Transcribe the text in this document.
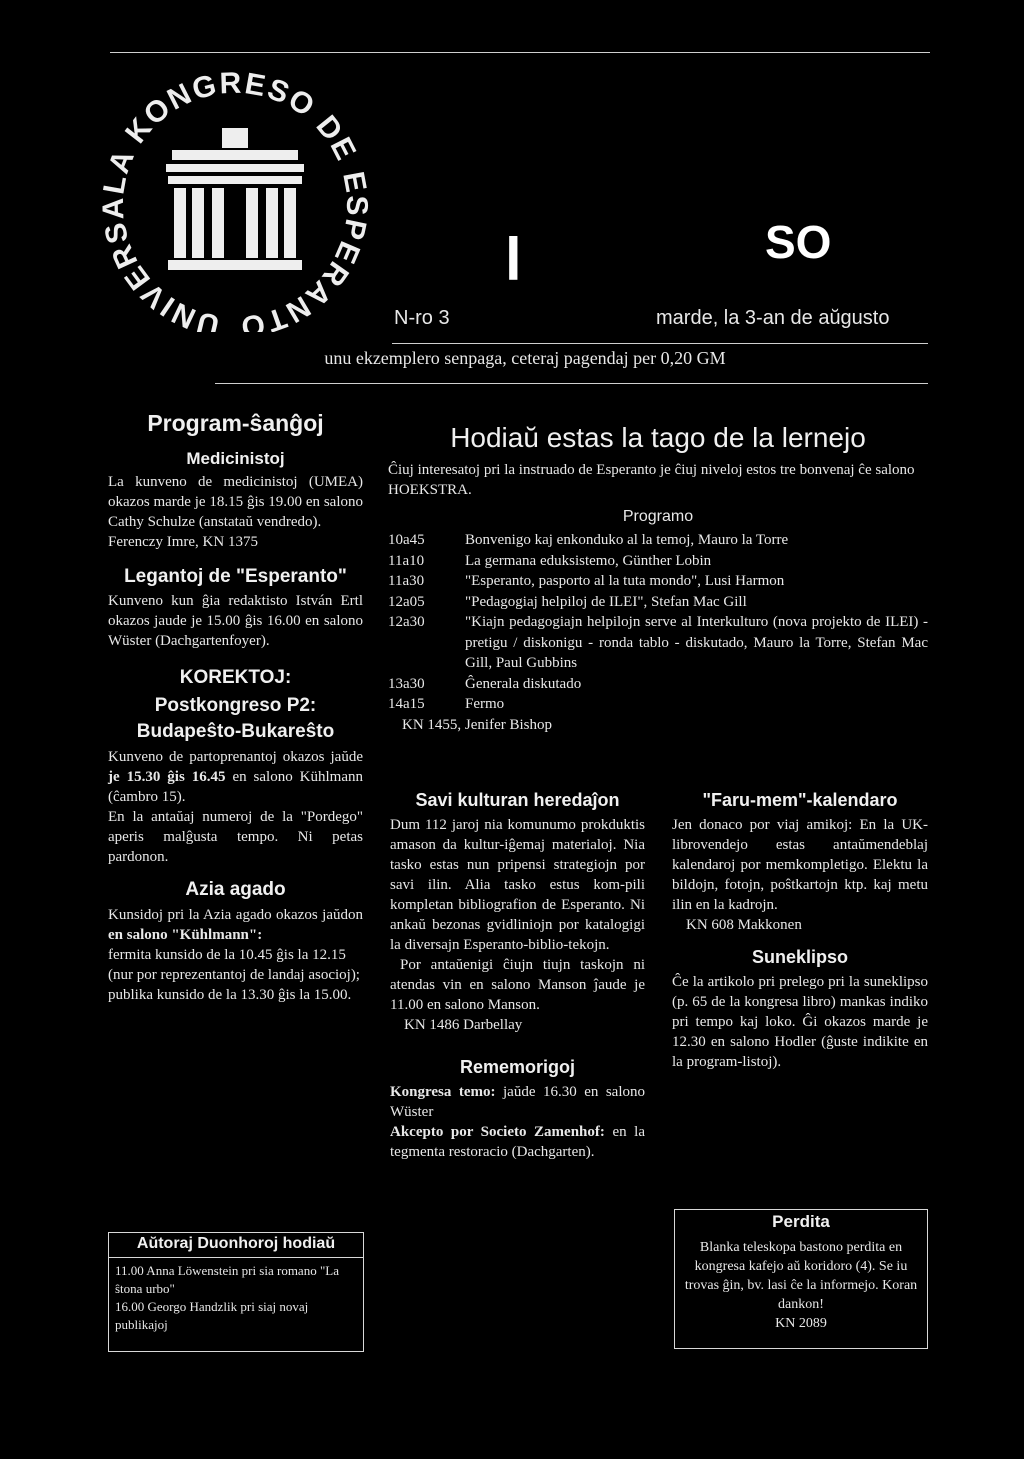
UNIVERSALA KONGRESO DE ESPERANTO
l	SO
N-ro 3	marde, la 3-an de aŭgusto
unu ekzemplero senpaga, ceteraj pagendaj per 0,20 GM
Program-ŝanĝoj
Medicinistoj

La kunveno de medicinistoj (UMEA) okazos marde je 18.15 ĝis 19.00 en salono Cathy Schulze (anstataŭ vendredo).

Ferenczy Imre, KN 1375

Legantoj de "Esperanto"

Kunveno kun ĝia redaktisto István Ertl okazos jaude je 15.00 ĝis 16.00 en salono Wüster (Dachgartenfoyer).

KOREKTOJ:
Postkongreso P2:
Budapeŝto-Bukareŝto

Kunveno de partoprenantoj okazos jaŭde je 15.30 ĝis 16.45 en salono Kühlmann (ĉambro 15).

En la antaŭaj numeroj de la "Pordego" aperis malĝusta tempo. Ni petas pardonon.

Azia agado

Kunsidoj pri la Azia agado okazos jaŭdon en salono "Kühlmann":

fermita kunsido de la 10.45 ĝis la 12.15 (nur por reprezentantoj de landaj asocioj);

publika kunsido de la 13.30 ĝis la 15.00.

Aŭtoraj Duonhoroj hodiaŭ

11.00 Anna Löwenstein pri sia romano "La ŝtona urbo"

16.00 Georgo Handzlik pri siaj novaj publikajoj

Hodiaŭ estas la tago de la lernejo

Ĉiuj interesatoj pri la instruado de Esperanto je ĉiuj niveloj estos tre bonvenaj ĉe salono HOEKSTRA.

Programo
10a45	Bonvenigo kaj enkonduko al la temoj, Mauro la Torre
11a10	La germana eduksistemo, Günther Lobin
11a30	"Esperanto, pasporto al la tuta mondo", Lusi Harmon
12a05	"Pedagogiaj helpiloj de ILEI", Stefan Mac Gill
12a30	"Kiajn pedagogiajn helpilojn serve al Interkulturo (nova projekto de ILEI) - pretigu / diskonigu - ronda tablo - diskutado, Mauro la Torre, Stefan Mac Gill, Paul Gubbins
13a30	Ĝenerala diskutado
14a15	Fermo

KN 1455, Jenifer Bishop

Savi kulturan heredaĵon

Dum 112 jaroj nia komunumo prokduktis amason da kultur-iĝemaj materialoj. Nia tasko estas nun pripensi strategiojn por savi ilin. Alia tasko estus kom-pili kompletan bibliografion de Esperanto. Ni ankaŭ bezonas gvidliniojn por katalogigi la diversajn Esperanto-biblio-tekojn.

Por antaŭenigi ĉiujn tiujn taskojn ni atendas vin en salono Manson ĵaude je 11.00 en salono Manson.

KN 1486 Darbellay

Rememorigoj

Kongresa temo: jaŭde 16.30 en salono Wüster

Akcepto por Societo Zamenhof: en la tegmenta restoracio (Dachgarten).

"Faru-mem"-kalendaro

Jen donaco por viaj amikoj: En la UK-librovendejo estas antaŭmendeblaj kalendaroj por memkompletigo. Elektu la bildojn, fotojn, poŝtkartojn ktp. kaj metu ilin en la kadrojn.

KN 608 Makkonen

Suneklipso

Ĉe la artikolo pri prelego pri la suneklipso (p. 65 de la kongresa libro) mankas indiko pri tempo kaj loko. Ĝi okazos marde je 12.30 en salono Hodler (ĝuste indikite en la program-listoj).

Perdita

Blanka teleskopa bastono perdita en kongresa kafejo aŭ koridoro (4). Se iu trovas ĝin, bv. lasi ĉe la informejo. Koran dankon!

KN 2089
